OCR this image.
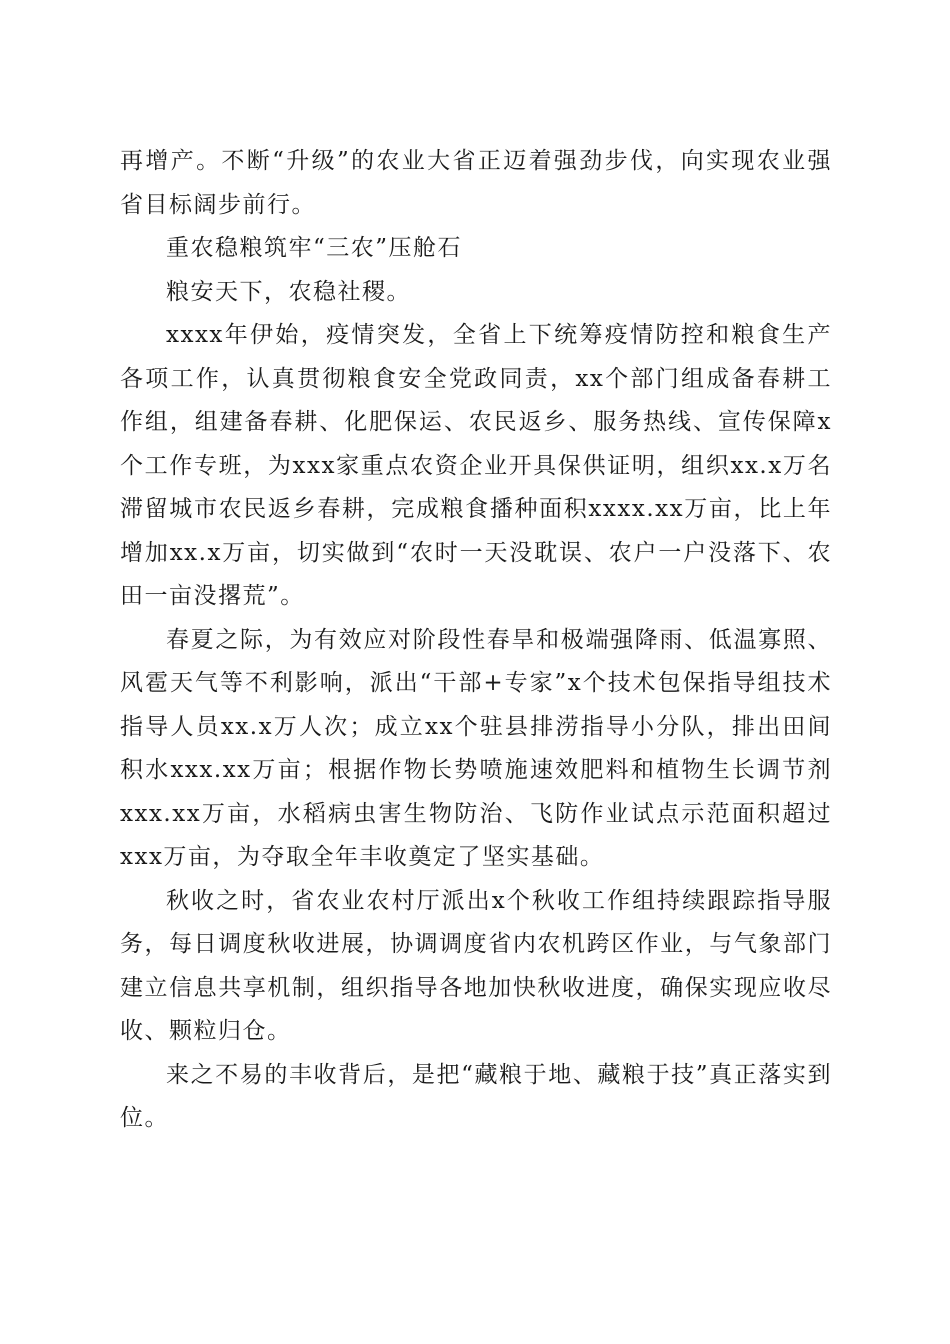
再增产。不断“升级”的农业大省正迈着强劲步伐，向实现农业强省目标阔步前行。

重农稳粮筑牢“三农”压舱石

粮安天下，农稳社稷。

xxxx年伊始，疫情突发，全省上下统筹疫情防控和粮食生产各项工作，认真贯彻粮食安全党政同责，xx个部门组成备春耕工作组，组建备春耕、化肥保运、农民返乡、服务热线、宣传保障x个工作专班，为xxx家重点农资企业开具保供证明，组织xx.x万名滞留城市农民返乡春耕，完成粮食播种面积xxxx.xx万亩，比上年增加xx.x万亩，切实做到“农时一天没耽误、农户一户没落下、农田一亩没撂荒”。

春夏之际，为有效应对阶段性春旱和极端强降雨、低温寡照、风雹天气等不利影响，派出“干部+专家”x个技术包保指导组技术指导人员xx.x万人次；成立xx个驻县排涝指导小分队，排出田间积水xxx.xx万亩；根据作物长势喷施速效肥料和植物生长调节剂xxx.xx万亩，水稻病虫害生物防治、飞防作业试点示范面积超过xxx万亩，为夺取全年丰收奠定了坚实基础。

秋收之时，省农业农村厅派出x个秋收工作组持续跟踪指导服务，每日调度秋收进展，协调调度省内农机跨区作业，与气象部门建立信息共享机制，组织指导各地加快秋收进度，确保实现应收尽收、颗粒归仓。

来之不易的丰收背后，是把“藏粮于地、藏粮于技”真正落实到位。
